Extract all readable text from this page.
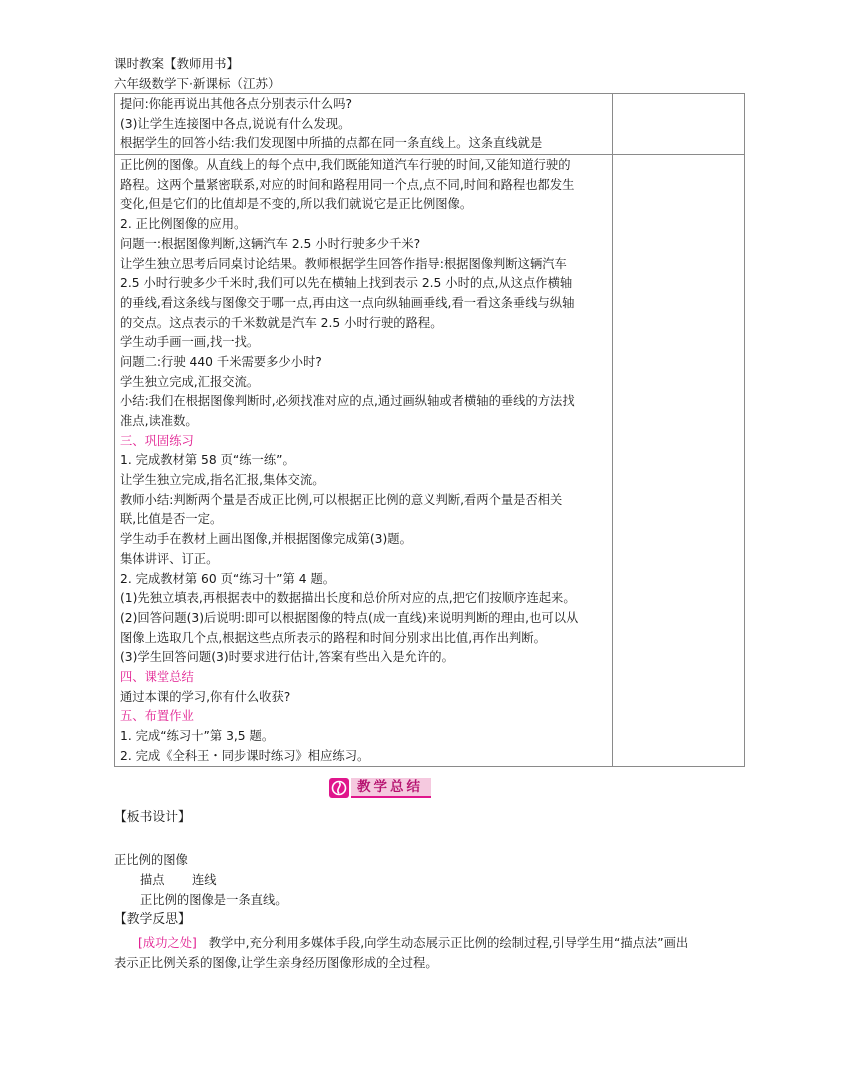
课时教案【教师用书】
六年级数学下·新课标（江苏）
提问:你能再说出其他各点分别表示什么吗?
(3)让学生连接图中各点,说说有什么发现。
根据学生的回答小结:我们发现图中所描的点都在同一条直线上。这条直线就是
正比例的图像。从直线上的每个点中,我们既能知道汽车行驶的时间,又能知道行驶的
路程。这两个量紧密联系,对应的时间和路程用同一个点,点不同,时间和路程也都发生
变化,但是它们的比值却是不变的,所以我们就说它是正比例图像。
2. 正比例图像的应用。
问题一:根据图像判断,这辆汽车 2.5 小时行驶多少千米?
让学生独立思考后同桌讨论结果。教师根据学生回答作指导:根据图像判断这辆汽车
2.5 小时行驶多少千米时,我们可以先在横轴上找到表示 2.5 小时的点,从这点作横轴
的垂线,看这条线与图像交于哪一点,再由这一点向纵轴画垂线,看一看这条垂线与纵轴
的交点。这点表示的千米数就是汽车 2.5 小时行驶的路程。
学生动手画一画,找一找。
问题二:行驶 440 千米需要多少小时?
学生独立完成,汇报交流。
小结:我们在根据图像判断时,必须找准对应的点,通过画纵轴或者横轴的垂线的方法找
准点,读准数。
三、巩固练习
1. 完成教材第 58 页“练一练”。
让学生独立完成,指名汇报,集体交流。
教师小结:判断两个量是否成正比例,可以根据正比例的意义判断,看两个量是否相关
联,比值是否一定。
学生动手在教材上画出图像,并根据图像完成第(3)题。
集体讲评、订正。
2. 完成教材第 60 页“练习十”第 4 题。
(1)先独立填表,再根据表中的数据描出长度和总价所对应的点,把它们按顺序连起来。
(2)回答问题(3)后说明:即可以根据图像的特点(成一直线)来说明判断的理由,也可以从
图像上选取几个点,根据这些点所表示的路程和时间分别求出比值,再作出判断。
(3)学生回答问题(3)时要求进行估计,答案有些出入是允许的。
四、课堂总结
通过本课的学习,你有什么收获?
五、布置作业
1. 完成“练习十”第 3,5 题。
2. 完成《全科王・同步课时练习》相应练习。
教学总结
【板书设计】
正比例的图像
描点 连线
正比例的图像是一条直线。
【教学反思】
[成功之处] 教学中,充分利用多媒体手段,向学生动态展示正比例的绘制过程,引导学生用“描点法”画出
表示正比例关系的图像,让学生亲身经历图像形成的全过程。
